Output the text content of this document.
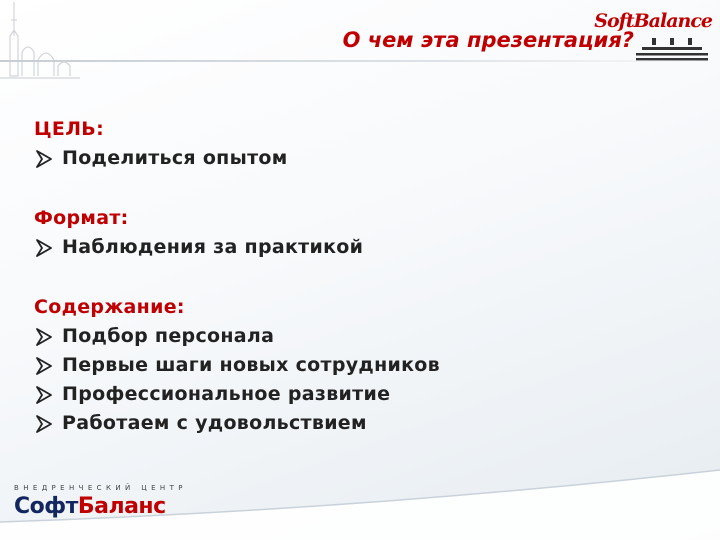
О чем эта презентация?
SoftBalance
ЦЕЛЬ:
Поделиться опытом
Формат:
Наблюдения за практикой
Содержание:
Подбор персонала
Первые шаги новых сотрудников
Профессиональное развитие
Работаем с удовольствием
ВНЕДРЕНЧЕСКИЙ ЦЕНТР
СофтБаланс
